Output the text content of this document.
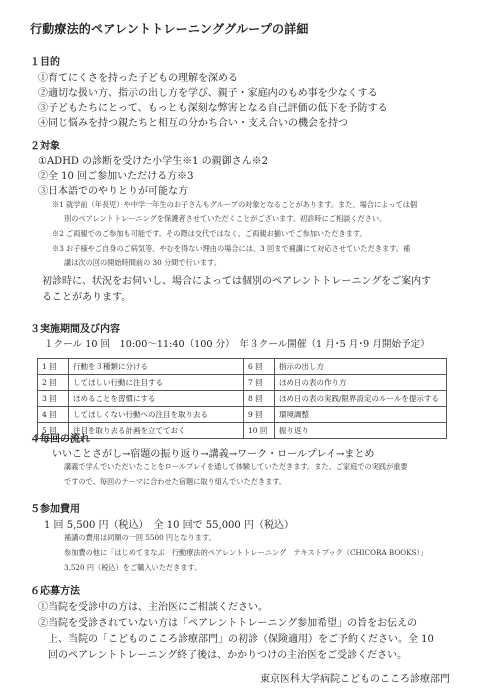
行動療法的ペアレントトレーニンググループの詳細
１目的
①育てにくさを持った子どもの理解を深める
②適切な扱い方、指示の出し方を学び、親子・家庭内のもめ事を少なくする
③子どもたちにとって、もっとも深刻な弊害となる自己評価の低下を予防する
④同じ悩みを持つ親たちと相互の分かち合い・支え合いの機会を持つ
２対象
①ADHD の診断を受けた小学生※1 の親御さん※2
②全 10 回ご参加いただける方※3
③日本語でのやりとりが可能な方
※1 就学前（年長児）や中学一年生のお子さんもグループの対象となることがあります。また、場合によっては個
別のペアレントトレーニングを保護者させていただくことがございます。初診時にご相談ください。
※2 ご両親でのご参加も可能です。その際は交代ではなく、ご両親お揃いでご参加いただきます。
※3 お子様やご自身のご病気等、やむを得ない理由の場合には、3 回まで補講にて対応させていただきます。補
講は次の回の開始時間前の 30 分間で行います。
初診時に、状況をお伺いし、場合によっては個別のペアレントトレーニングをご案内す
ることがあります。
３実施期間及び内容
１クール 10 回　10:00～11:40（100 分）　年３クール開催（1 月･5 月･9 月開始予定）
1 回	行動を３種類に分ける	6 回	指示の出し方
2 回	してほしい行動に注目する	7 回	ほめ日の表の作り方
3 回	ほめることを習慣にする	8 回	ほめ日の表の実践/限界設定のルールを提示する
4 回	してほしくない行動への注目を取り去る	9 回	環境調整
5 回	注目を取り去る計画を立てておく	10 回	振り返り
４毎回の流れ
いいことさがし→宿題の振り返り→講義→ワーク・ロールプレイ→まとめ
講義で学んでいただいたことをロールプレイを通して体験していただきます。また、ご家庭での実践が重要
ですので、毎回のテーマに合わせた宿題に取り組んでいただきます。
５参加費用
1 回 5,500 円（税込）　全 10 回で 55,000 円（税込）
補講の費用は同額の一回 5500 円となります。
参加費の他に「はじめてまなぶ　行動療法的ペアレントトレーニング　テキストブック（CHICORA BOOKS）」
3,520 円（税込）をご購入いただきます。
６応募方法
①当院を受診中の方は、主治医にご相談ください。
②当院を受診されていない方は「ペアレントトレーニング参加希望」の旨をお伝えの
上、当院の「こどものこころ診療部門」の初診（保険適用）をご予約ください。全 10
回のペアレントトレーニング終了後は、かかりつけの主治医をご受診ください。
東京医科大学病院こどものこころ診療部門
